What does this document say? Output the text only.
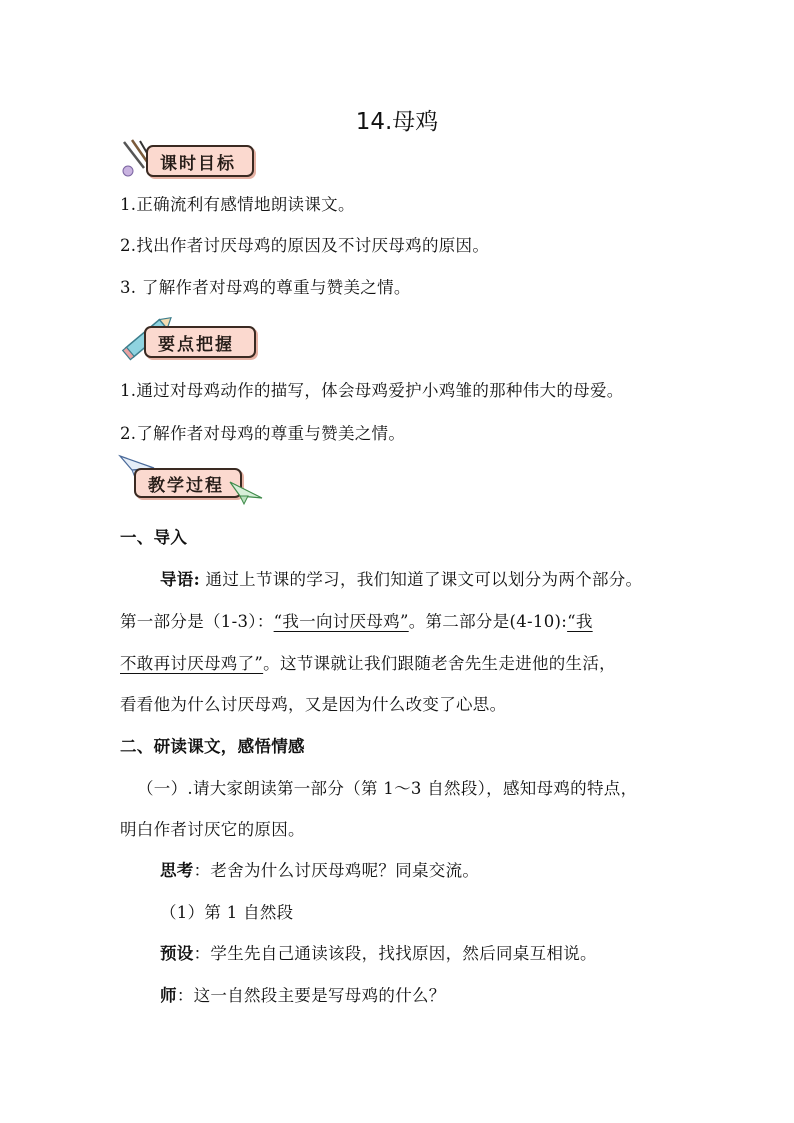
14.母鸡
课时目标
1.正确流利有感情地朗读课文。
2.找出作者讨厌母鸡的原因及不讨厌母鸡的原因。
3. 了解作者对母鸡的尊重与赞美之情。
要点把握
1.通过对母鸡动作的描写，体会母鸡爱护小鸡雏的那种伟大的母爱。
2.了解作者对母鸡的尊重与赞美之情。
教学过程
一、导入
导语: 通过上节课的学习，我们知道了课文可以划分为两个部分。
第一部分是（1-3）：“我一向讨厌母鸡”。第二部分是(4-10):“我
不敢再讨厌母鸡了”。这节课就让我们跟随老舍先生走进他的生活，
看看他为什么讨厌母鸡，又是因为什么改变了心思。
二、研读课文，感悟情感
（一）.请大家朗读第一部分（第 1～3 自然段），感知母鸡的特点，
明白作者讨厌它的原因。
思考：老舍为什么讨厌母鸡呢？同桌交流。
（1）第 1 自然段
预设：学生先自己通读该段，找找原因，然后同桌互相说。
师：这一自然段主要是写母鸡的什么？
